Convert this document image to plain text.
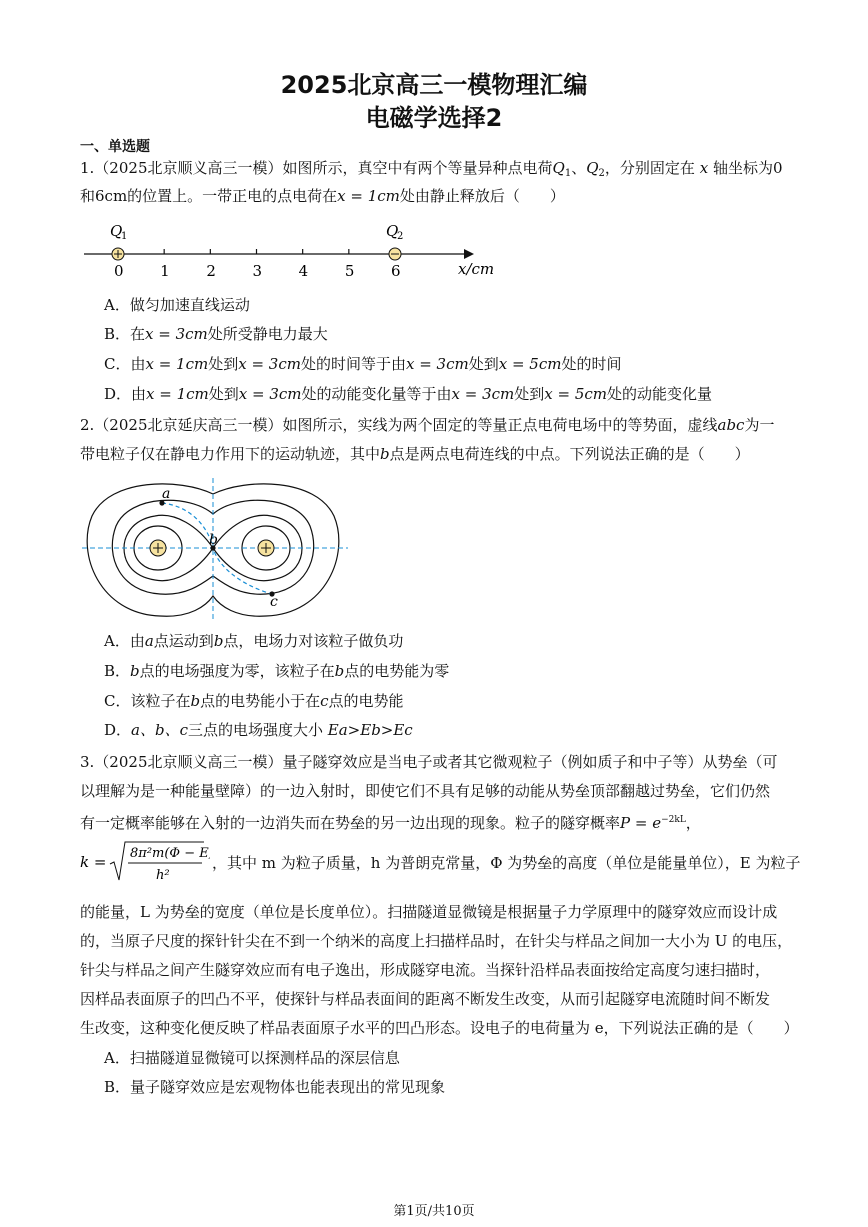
2025北京高三一模物理汇编
电磁学选择2
一、单选题
1.（2025北京顺义高三一模）如图所示，真空中有两个等量异种点电荷$Q_1$、$Q_2$，分别固定在 x 轴坐标为0
和6cm的位置上。一带正电的点电荷在x = 1cm处由静止释放后（　　）
Q
1	Q
2
0 1 2 3 4 5 6	x/cm
A．做匀加速直线运动
B．在x = 3cm处所受静电力最大
C．由x = 1cm处到x = 3cm处的时间等于由x = 3cm处到x = 5cm处的时间
D．由x = 1cm处到x = 3cm处的动能变化量等于由x = 3cm处到x = 5cm处的动能变化量
2.（2025北京延庆高三一模）如图所示，实线为两个固定的等量正点电荷电场中的等势面，虚线abc为一
带电粒子仅在静电力作用下的运动轨迹，其中b点是两点电荷连线的中点。下列说法正确的是（　　）
a
b
c
A．由a点运动到b点，电场力对该粒子做负功
B．b点的电场强度为零，该粒子在b点的电势能为零
C．该粒子在b点的电势能小于在c点的电势能
D．a、b、c三点的电场强度大小 Ea>Eb>Ec
3.（2025北京顺义高三一模）量子隧穿效应是当电子或者其它微观粒子（例如质子和中子等）从势垒（可
以理解为是一种能量壁障）的一边入射时，即使它们不具有足够的动能从势垒顶部翻越过势垒，它们仍然
有一定概率能够在入射的一边消失而在势垒的另一边出现的现象。粒子的隧穿概率$P = e^{-2kL}$，
k = 8π²m(Φ − E)
h²
，其中 m 为粒子质量，h 为普朗克常量，Φ 为势垒的高度（单位是能量单位），E 为粒子
的能量，L 为势垒的宽度（单位是长度单位）。扫描隧道显微镜是根据量子力学原理中的隧穿效应而设计成
的，当原子尺度的探针针尖在不到一个纳米的高度上扫描样品时，在针尖与样品之间加一大小为 U 的电压，
针尖与样品之间产生隧穿效应而有电子逸出，形成隧穿电流。当探针沿样品表面按给定高度匀速扫描时，
因样品表面原子的凹凸不平，使探针与样品表面间的距离不断发生改变，从而引起隧穿电流随时间不断发
生改变，这种变化便反映了样品表面原子水平的凹凸形态。设电子的电荷量为 e，下列说法正确的是（　　）
A．扫描隧道显微镜可以探测样品的深层信息
B．量子隧穿效应是宏观物体也能表现出的常见现象
第1页/共10页
